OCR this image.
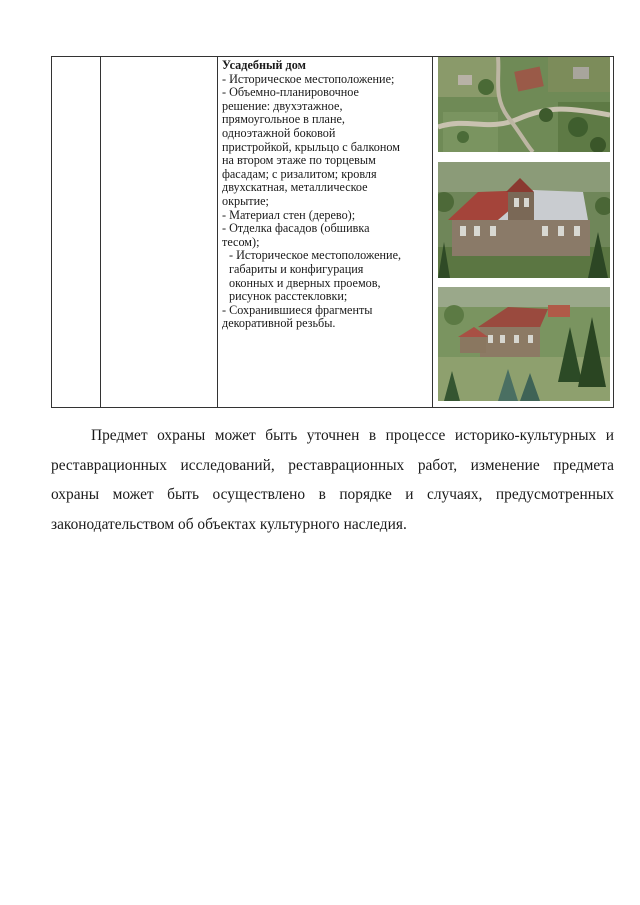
Усадебный дом
- Историческое местоположение;
- Объемно-планировочное
решение: двухэтажное,
прямоугольное в плане,
одноэтажной боковой
пристройкой, крыльцо с балконом
на втором этаже по торцевым
фасадам; с ризалитом; кровля
двухскатная, металлическое
окрытие;
- Материал стен (дерево);
- Отделка фасадов (обшивка
тесом);
- Историческое местоположение,
габариты и конфигурация
оконных и дверных проемов,
рисунок расстекловки;
- Сохранившиеся фрагменты
декоративной резьбы.
Предмет охраны может быть уточнен в процессе историко-культурных и
реставрационных исследований, реставрационных работ, изменение предмета
охраны может быть осуществлено в порядке и случаях, предусмотренных
законодательством об объектах культурного наследия.
